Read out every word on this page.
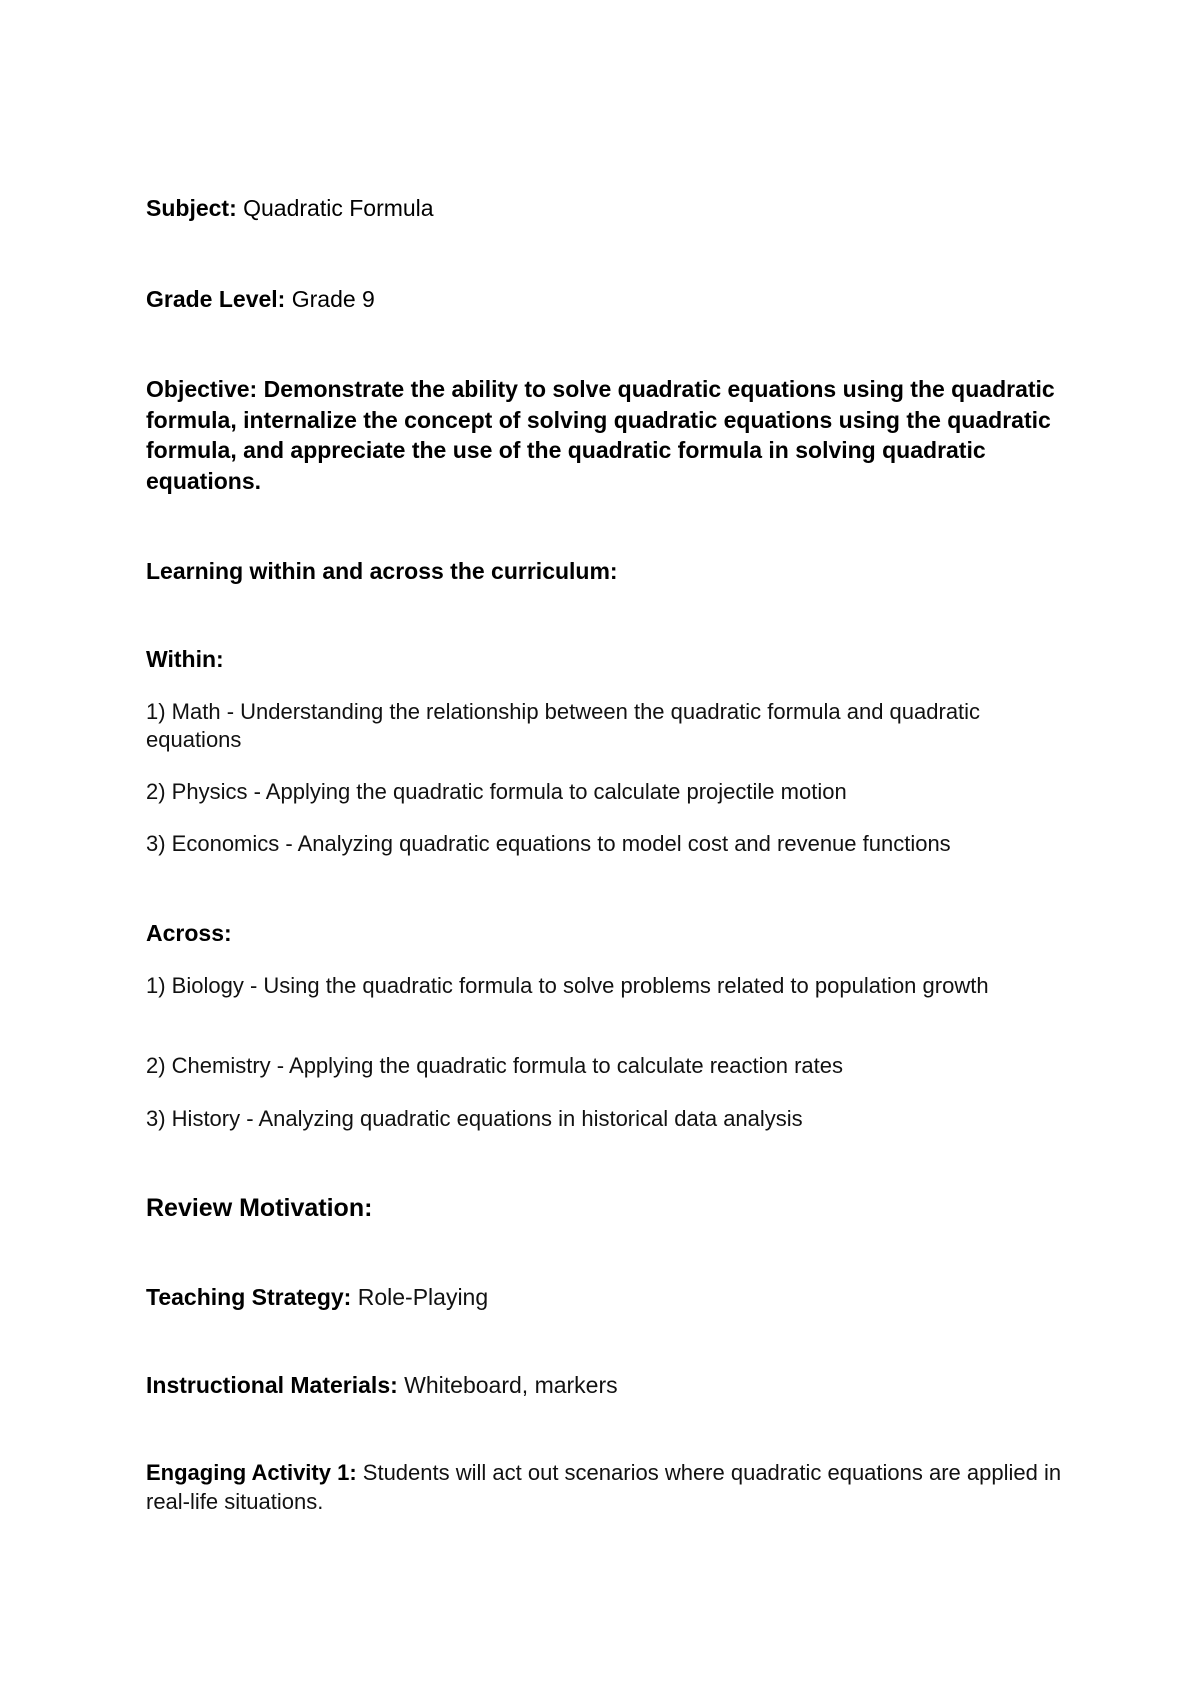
Subject: Quadratic Formula
Grade Level: Grade 9
Objective: Demonstrate the ability to solve quadratic equations using the quadratic formula, internalize the concept of solving quadratic equations using the quadratic formula, and appreciate the use of the quadratic formula in solving quadratic equations.
Learning within and across the curriculum:
Within:
1) Math - Understanding the relationship between the quadratic formula and quadratic equations
2) Physics - Applying the quadratic formula to calculate projectile motion
3) Economics - Analyzing quadratic equations to model cost and revenue functions
Across:
1) Biology - Using the quadratic formula to solve problems related to population growth
2) Chemistry - Applying the quadratic formula to calculate reaction rates
3) History - Analyzing quadratic equations in historical data analysis
Review Motivation:
Teaching Strategy: Role-Playing
Instructional Materials: Whiteboard, markers
Engaging Activity 1: Students will act out scenarios where quadratic equations are applied in real-life situations.
